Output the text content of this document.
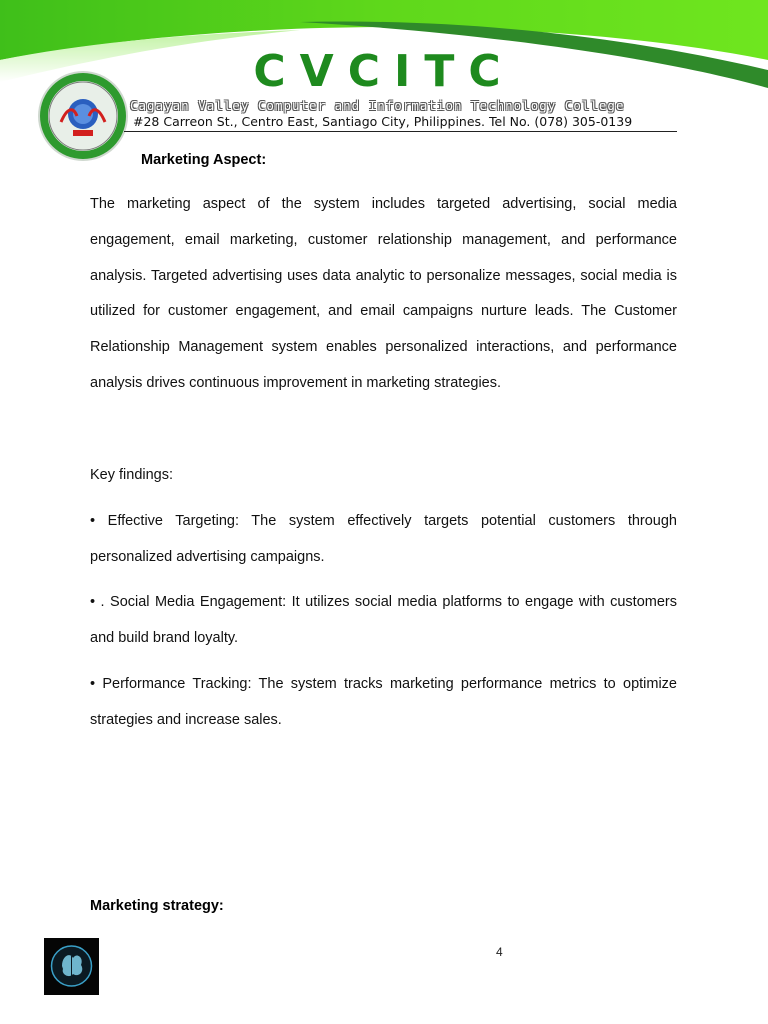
CVCITC
Cagayan Valley Computer and Information Technology College
#28 Carreon St., Centro East, Santiago City, Philippines. Tel No. (078) 305-0139
Marketing Aspect:

The marketing aspect of the system includes targeted advertising, social media engagement, email marketing, customer relationship management, and performance analysis. Targeted advertising uses data analytic to personalize messages, social media is utilized for customer engagement, and email campaigns nurture leads. The Customer Relationship Management system enables personalized interactions, and performance analysis drives continuous improvement in marketing strategies.

Key findings:

• Effective Targeting: The system effectively targets potential customers through personalized advertising campaigns.

• . Social Media Engagement: It utilizes social media platforms to engage with customers and build brand loyalty.

• Performance Tracking: The system tracks marketing performance metrics to optimize strategies and increase sales.

Marketing strategy:
4
